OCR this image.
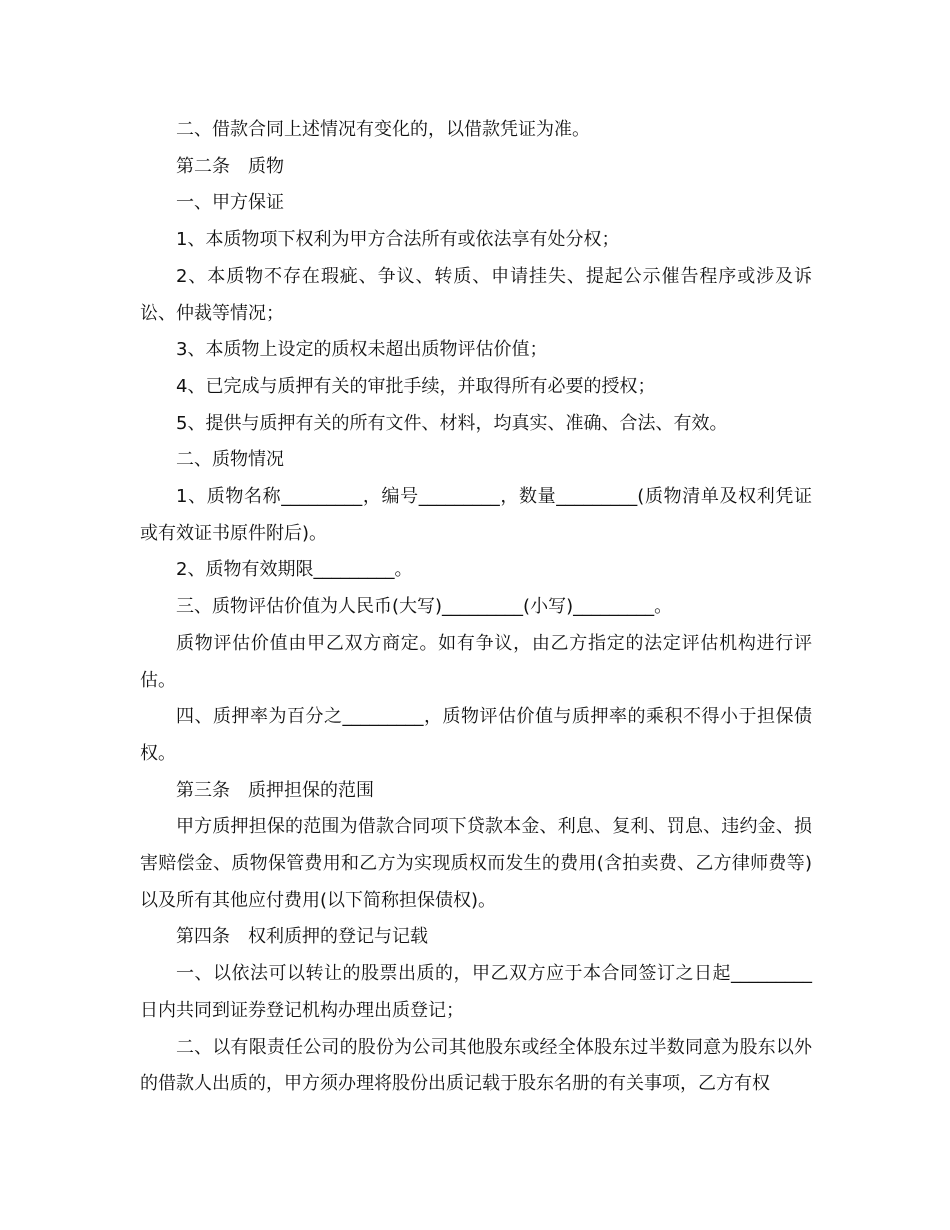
二、借款合同上述情况有变化的，以借款凭证为准。

第二条　质物

一、甲方保证

1、本质物项下权利为甲方合法所有或依法享有处分权；

2、本质物不存在瑕疵、争议、转质、申请挂失、提起公示催告程序或涉及诉讼、仲裁等情况；

3、本质物上设定的质权未超出质物评估价值；

4、已完成与质押有关的审批手续，并取得所有必要的授权；

5、提供与质押有关的所有文件、材料，均真实、准确、合法、有效。

二、质物情况

1、质物名称_________，编号_________，数量_________(质物清单及权利凭证或有效证书原件附后)。

2、质物有效期限_________。

三、质物评估价值为人民币(大写)_________(小写)_________。

质物评估价值由甲乙双方商定。如有争议，由乙方指定的法定评估机构进行评估。

四、质押率为百分之_________，质物评估价值与质押率的乘积不得小于担保债权。

第三条　质押担保的范围

甲方质押担保的范围为借款合同项下贷款本金、利息、复利、罚息、违约金、损害赔偿金、质物保管费用和乙方为实现质权而发生的费用(含拍卖费、乙方律师费等)以及所有其他应付费用(以下简称担保债权)。

第四条　权利质押的登记与记载

一、以依法可以转让的股票出质的，甲乙双方应于本合同签订之日起_________日内共同到证券登记机构办理出质登记；

二、以有限责任公司的股份为公司其他股东或经全体股东过半数同意为股东以外的借款人出质的，甲方须办理将股份出质记载于股东名册的有关事项，乙方有权
